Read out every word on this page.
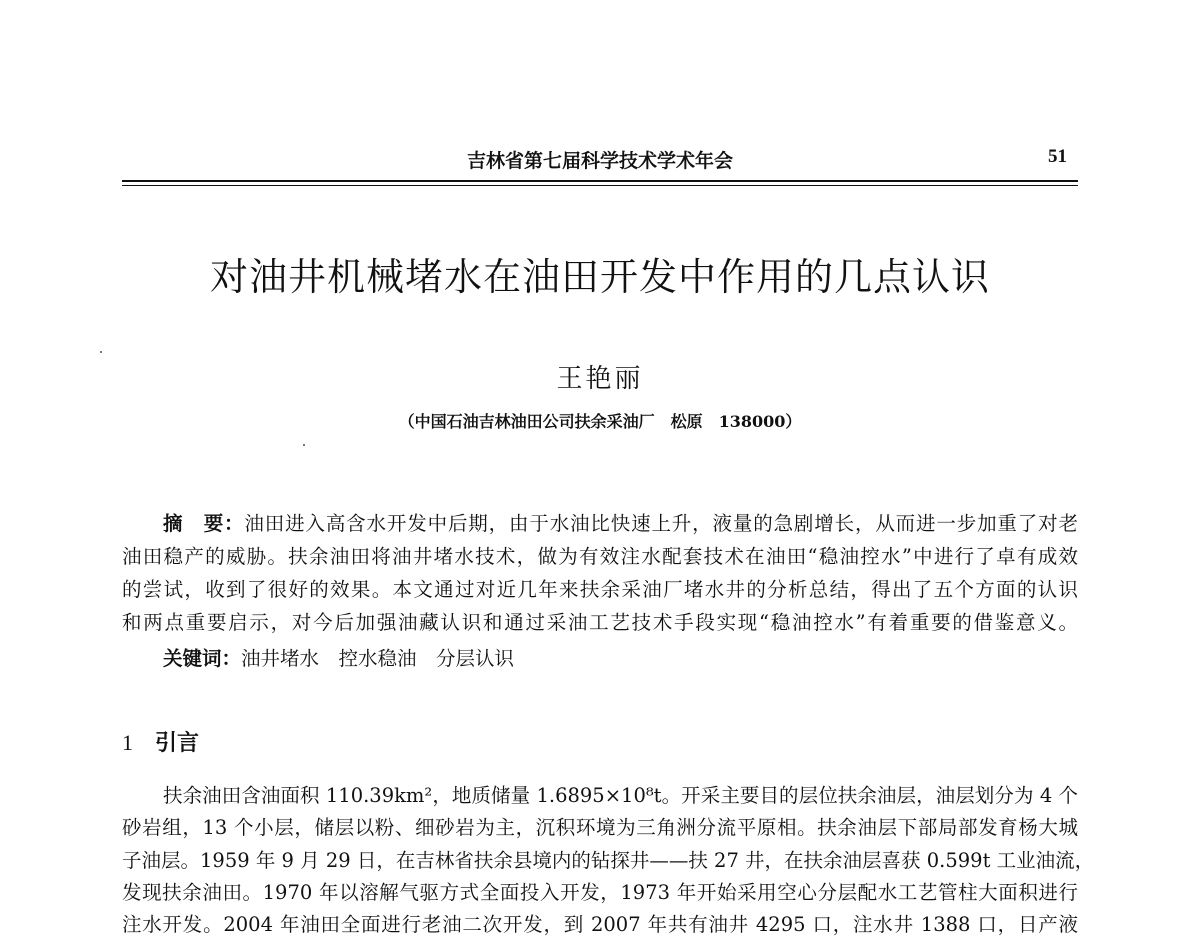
吉林省第七届科学技术学术年会	51
对油井机械堵水在油田开发中作用的几点认识
王艳丽
（中国石油吉林油田公司扶余采油厂　松原　138000）
摘　要：油田进入高含水开发中后期，由于水油比快速上升，液量的急剧增长，从而进一步加重了对老
油田稳产的威胁。扶余油田将油井堵水技术，做为有效注水配套技术在油田“稳油控水”中进行了卓有成效
的尝试，收到了很好的效果。本文通过对近几年来扶余采油厂堵水井的分析总结，得出了五个方面的认识
和两点重要启示，对今后加强油藏认识和通过采油工艺技术手段实现“稳油控水”有着重要的借鉴意义。
关键词：油井堵水　控水稳油　分层认识
1 引言
扶余油田含油面积 110.39km²，地质储量 1.6895×10⁸t。开采主要目的层位扶余油层，油层划分为 4 个
砂岩组，13 个小层，储层以粉、细砂岩为主，沉积环境为三角洲分流平原相。扶余油层下部局部发育杨大城
子油层。1959 年 9 月 29 日，在吉林省扶余县境内的钻探井——扶 27 井，在扶余油层喜获 0.599t 工业油流，
发现扶余油田。1970 年以溶解气驱方式全面投入开发，1973 年开始采用空心分层配水工艺管柱大面积进行
注水开发。2004 年油田全面进行老油二次开发，到 2007 年共有油井 4295 口，注水井 1388 口，日产液
